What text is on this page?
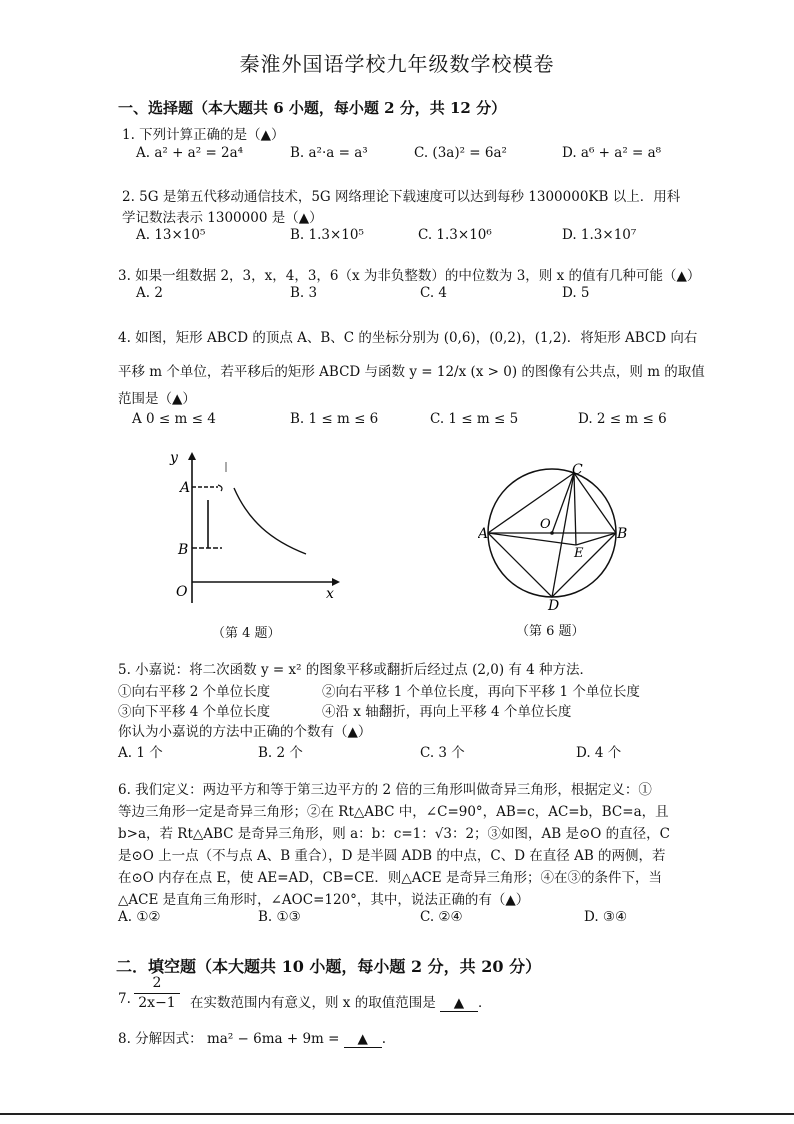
秦淮外国语学校九年级数学校模卷
一、选择题（本大题共 6 小题，每小题 2 分，共 12 分）
1. 下列计算正确的是（▲）
A. a² + a² = 2a⁴	B. a²·a = a³	C. (3a)² = 6a²	D. a⁶ + a² = a⁸
2. 5G 是第五代移动通信技术，5G 网络理论下载速度可以达到每秒 1300000KB 以上．用科
学记数法表示 1300000 是（▲）
A. 13×10⁵	B. 1.3×10⁵	C. 1.3×10⁶	D. 1.3×10⁷
3. 如果一组数据 2，3，x，4，3，6（x 为非负整数）的中位数为 3，则 x 的值有几种可能（▲）
A. 2	B. 3	C. 4	D. 5
4. 如图，矩形 ABCD 的顶点 A、B、C 的坐标分别为 (0,6)，(0,2)，(1,2)．将矩形 ABCD 向右
平移 m 个单位，若平移后的矩形 ABCD 与函数 y = 12/x (x > 0) 的图像有公共点，则 m 的取值
范围是（▲）
A 0 ≤ m ≤ 4	B. 1 ≤ m ≤ 6	C. 1 ≤ m ≤ 5	D. 2 ≤ m ≤ 6
y
A
B
O	x
（第 4 题）
A	B
C
D
E
O
（第 6 题）
5. 小嘉说：将二次函数 y = x² 的图象平移或翻折后经过点 (2,0) 有 4 种方法．
①向右平移 2 个单位长度	②向右平移 1 个单位长度，再向下平移 1 个单位长度
③向下平移 4 个单位长度	④沿 x 轴翻折，再向上平移 4 个单位长度
你认为小嘉说的方法中正确的个数有（▲）
A. 1 个	B. 2 个	C. 3 个	D. 4 个
6. 我们定义：两边平方和等于第三边平方的 2 倍的三角形叫做奇异三角形，根据定义：①
等边三角形一定是奇异三角形；②在 Rt△ABC 中，∠C=90°，AB=c，AC=b，BC=a，且
b>a，若 Rt△ABC 是奇异三角形，则 a：b：c=1：√3：2；③如图，AB 是⊙O 的直径，C
是⊙O 上一点（不与点 A、B 重合），D 是半圆 ADB 的中点，C、D 在直径 AB 的两侧，若
在⊙O 内存在点 E，使 AE=AD，CB=CE．则△ACE 是奇异三角形；④在③的条件下，当
△ACE 是直角三角形时，∠AOC=120°，其中，说法正确的有（▲）
A. ①②	B. ①③	C. ②④	D. ③④
二．填空题（本大题共 10 小题，每小题 2 分，共 20 分）
7. $\frac{2}{2x-1}$ 在实数范围内有意义，则 x 的取值范围是 ▲ ．
8. 分解因式： ma² − 6ma + 9m = ▲ .
